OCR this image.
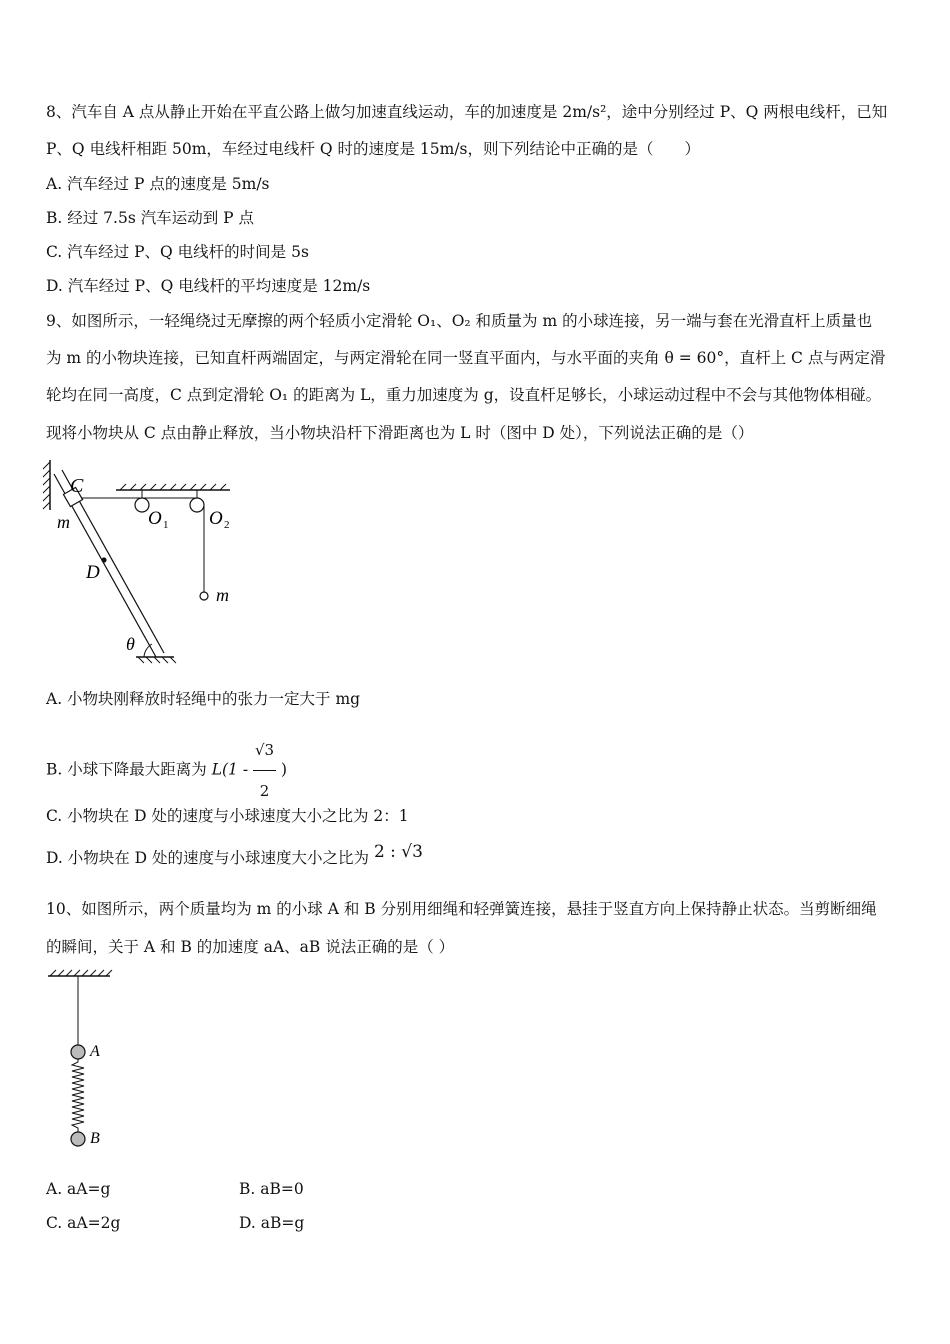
8、汽车自 A 点从静止开始在平直公路上做匀加速直线运动，车的加速度是 2m/s²，途中分别经过 P、Q 两根电线杆，已知
P、Q 电线杆相距 50m，车经过电线杆 Q 时的速度是 15m/s，则下列结论中正确的是（　　）
A. 汽车经过 P 点的速度是 5m/s
B. 经过 7.5s 汽车运动到 P 点
C. 汽车经过 P、Q 电线杆的时间是 5s
D. 汽车经过 P、Q 电线杆的平均速度是 12m/s
9、如图所示，一轻绳绕过无摩擦的两个轻质小定滑轮 O₁、O₂ 和质量为 m 的小球连接，另一端与套在光滑直杆上质量也
为 m 的小物块连接，已知直杆两端固定，与两定滑轮在同一竖直平面内，与水平面的夹角 θ = 60°，直杆上 C 点与两定滑
轮均在同一高度，C 点到定滑轮 O₁ 的距离为 L，重力加速度为 g，设直杆足够长，小球运动过程中不会与其他物体相碰。
现将小物块从 C 点由静止释放，当小物块沿杆下滑距离也为 L 时（图中 D 处），下列说法正确的是（）
C
m	O 1 O 2
D
m
θ
A. 小物块刚释放时轻绳中的张力一定大于 mg
B. 小球下降最大距离为 $L(1 - \frac{√3}{2}$ )
C. 小物块在 D 处的速度与小球速度大小之比为 2：1
D. 小物块在 D 处的速度与小球速度大小之比为 2 : √3
10、如图所示，两个质量均为 m 的小球 A 和 B 分别用细绳和轻弹簧连接，悬挂于竖直方向上保持静止状态。当剪断细绳
的瞬间，关于 A 和 B 的加速度 aA、aB 说法正确的是（ ）
A
B
A. aA=g	B. aB=0
C. aA=2g	D. aB=g
